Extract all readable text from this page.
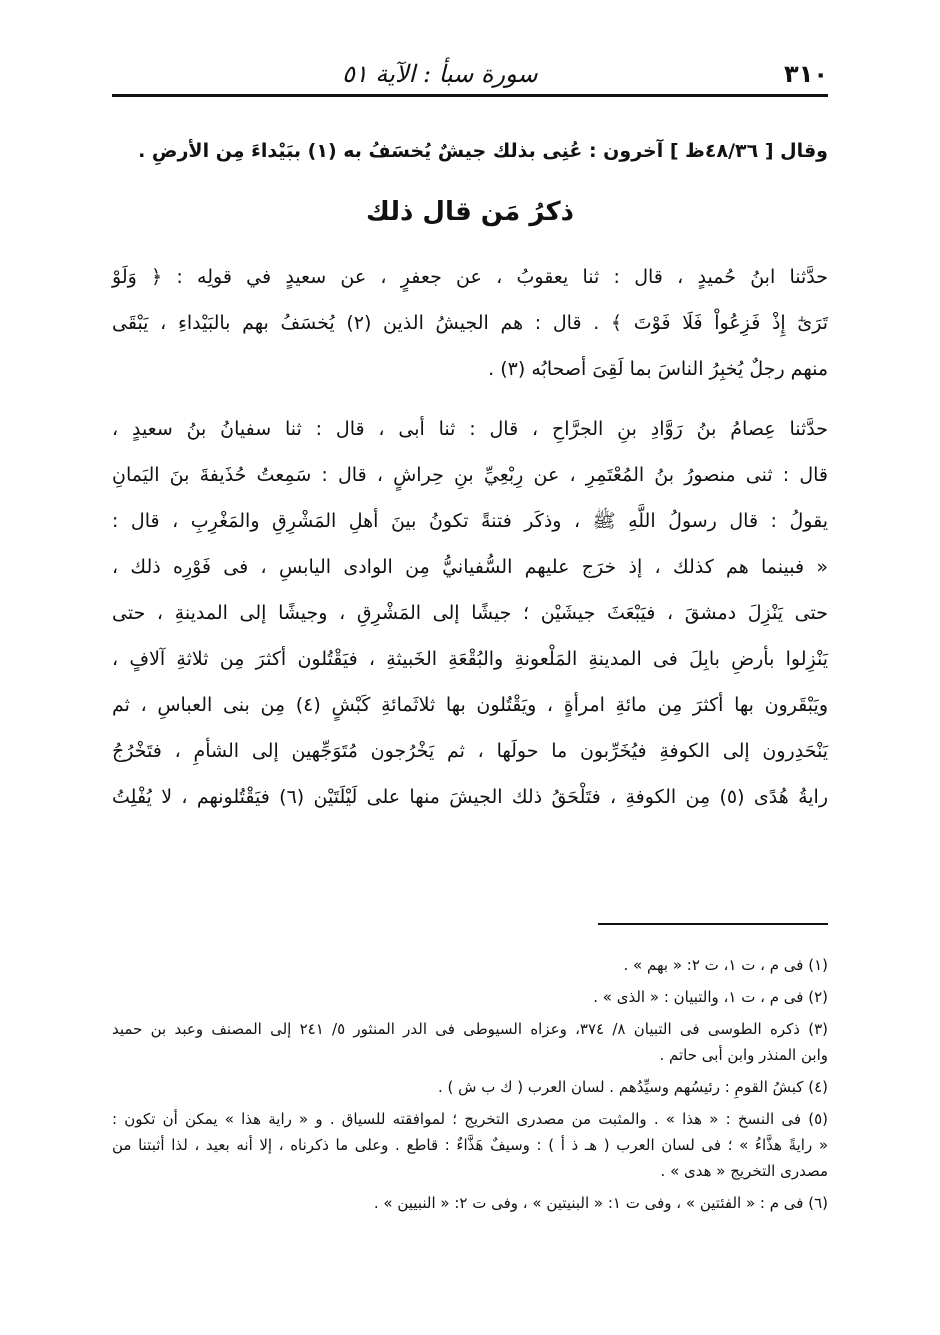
٣١٠
سورة سبأ : الآية ٥١
وقال [ ٤٨/٣٦ظ ] آخرون : عُنِى بذلك جيشٌ يُخسَفُ به (١) ببَيْداءَ مِن الأرضِ .
ذكرُ مَن قال ذلك
حدَّثنا ابنُ حُميدٍ ، قال : ثنا يعقوبُ ، عن جعفرٍ ، عن سعيدٍ في قولِه : ﴿ وَلَوْ
تَرَىٰٓ إِذْ فَزِعُواْ فَلَا فَوْتَ ﴾ . قال : هم الجيشُ الذين (٢) يُخسَفُ بهم بالبَيْداءِ ، يَبْقَى
منهم رجلٌ يُخبِرُ الناسَ بما لَقِىَ أصحابُه (٣) .
حدَّثنا عِصامُ بنُ رَوَّادِ بنِ الجرَّاحِ ، قال : ثنا أبى ، قال : ثنا سفيانُ بنُ سعيدٍ ،
قال : ثنى منصورُ بنُ المُعْتَمِرِ ، عن رِبْعِيِّ بنِ حِراشٍ ، قال : سَمِعتُ حُذَيفةَ بنَ اليَمانِ
يقولُ : قال رسولُ اللَّهِ ﷺ ، وذكَر فتنةً تكونُ بينَ أهلِ المَشْرِقِ والمَغْرِبِ ، قال :
« فبينما هم كذلك ، إذ خرَج عليهم السُّفيانيُّ مِن الوادى اليابسِ ، فى فَوْرِه ذلك ،
حتى يَنْزِلَ دمشقَ ، فيَبْعَثَ جيشَيْن ؛ جيشًا إلى المَشْرِقِ ، وجيشًا إلى المدينةِ ، حتى
يَنْزِلوا بأرضِ بابِلَ فى المدينةِ المَلْعونةِ والبُقْعَةِ الخَبيثةِ ، فيَقْتُلون أكثرَ مِن ثلاثةِ آلافٍ ،
ويَبْقَرون بها أكثرَ مِن مائةِ امرأةٍ ، ويَقْتُلون بها ثلاثَمائةِ كَبْشٍ (٤) مِن بنى العباسِ ، ثم
يَنْحَدِرون إلى الكوفةِ فيُخَرِّبون ما حولَها ، ثم يَخْرُجون مُتَوَجِّهين إلى الشأمِ ، فتَخْرُجُ
رايةُ هُدًى (٥) مِن الكوفةِ ، فتَلْحَقُ ذلك الجيشَ منها على لَيْلَتَيْن (٦) فيَقْتُلونهم ، لا يُفْلِتُ
(١) فى م ، ت ١، ت ٢: « بهم » .
(٢) فى م ، ت ١، والتبيان : « الذى » .
(٣) ذكره الطوسى فى التبيان ٨/ ٣٧٤، وعزاه السيوطى فى الدر المنثور ٥/ ٢٤١ إلى المصنف وعبد بن حميد
وابن المنذر وابن أبى حاتم .
(٤) كبشُ القومِ : رئيسُهم وسيِّدُهم . لسان العرب ( ك ب ش ) .
(٥) فى النسخ : « هذا » . والمثبت من مصدرى التخريج ؛ لموافقته للسياق . و « راية هذا » يمكن أن تكون :
« رايةً هذَّاءُ » ؛ فى لسان العرب ( هـ ذ أ ) : وسيفٌ هَذَّاءٌ : قاطع . وعلى ما ذكرناه ، إلا أنه بعيد ، لذا أثبتنا من
مصدرى التخريج « هدى » .
(٦) فى م : « الفئتين » ، وفى ت ١: « البنيتين » ، وفى ت ٢: « النبيين » .
